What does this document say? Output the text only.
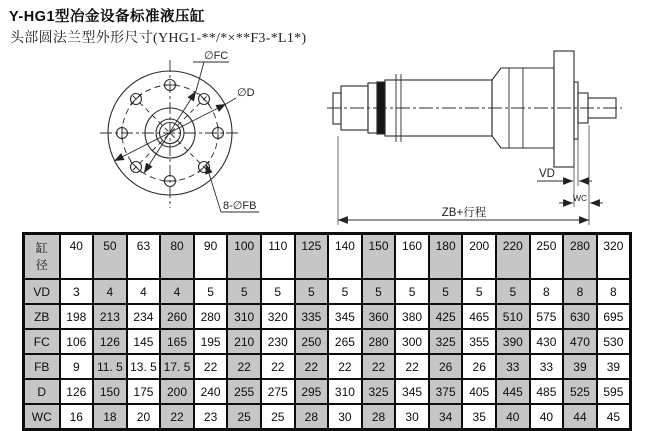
Y-HG1型冶金设备标准液压缸
头部圆法兰型外形尺寸(YHG1-**/*×**F3-*L1*)
∅FC
∅D
8-∅FB
VD
WC
ZB+行程
缸径	40	50	63	80	90	100	110	125	140	150	160	180	200	220	250	280	320
VD	3	4	4	4	5	5	5	5	5	5	5	5	5	5	8	8	8
ZB	198	213	234	260	280	310	320	335	345	360	380	425	465	510	575	630	695
FC	106	126	145	165	195	210	230	250	265	280	300	325	355	390	430	470	530
FB	9	11. 5	13. 5	17. 5	22	22	22	22	22	22	22	26	26	33	33	39	39
D	126	150	175	200	240	255	275	295	310	325	345	375	405	445	485	525	595
WC	16	18	20	22	23	25	25	28	30	28	30	34	35	40	40	44	45
